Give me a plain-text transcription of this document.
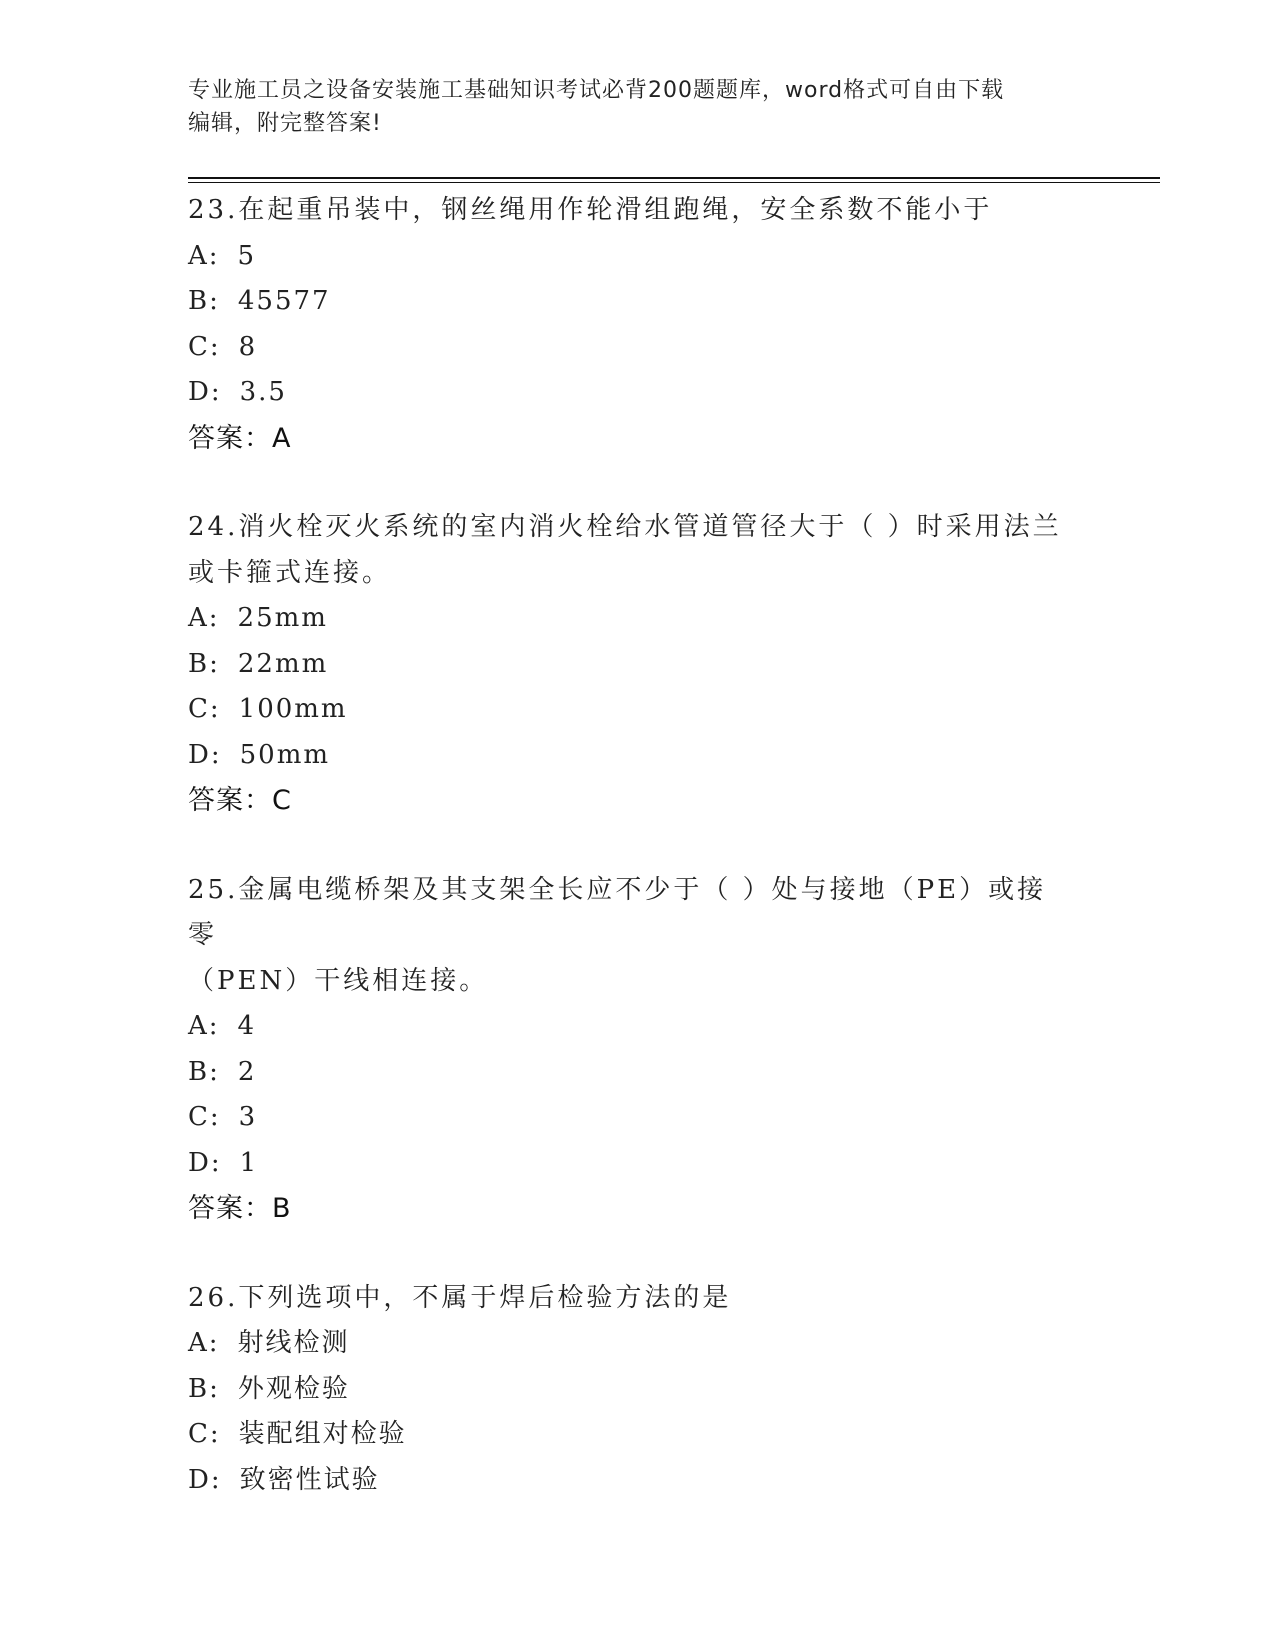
专业施工员之设备安装施工基础知识考试必背200题题库，word格式可自由下载
编辑，附完整答案!
23.在起重吊装中，钢丝绳用作轮滑组跑绳，安全系数不能小于
A: 5
B: 45577
C: 8
D: 3.5
答案：A
24.消火栓灭火系统的室内消火栓给水管道管径大于（ ）时采用法兰
或卡箍式连接。
A: 25mm
B: 22mm
C: 100mm
D: 50mm
答案：C
25.金属电缆桥架及其支架全长应不少于（ ）处与接地（PE）或接零
（PEN）干线相连接。
A: 4
B: 2
C: 3
D: 1
答案：B
26.下列选项中，不属于焊后检验方法的是
A: 射线检测
B: 外观检验
C: 装配组对检验
D: 致密性试验
